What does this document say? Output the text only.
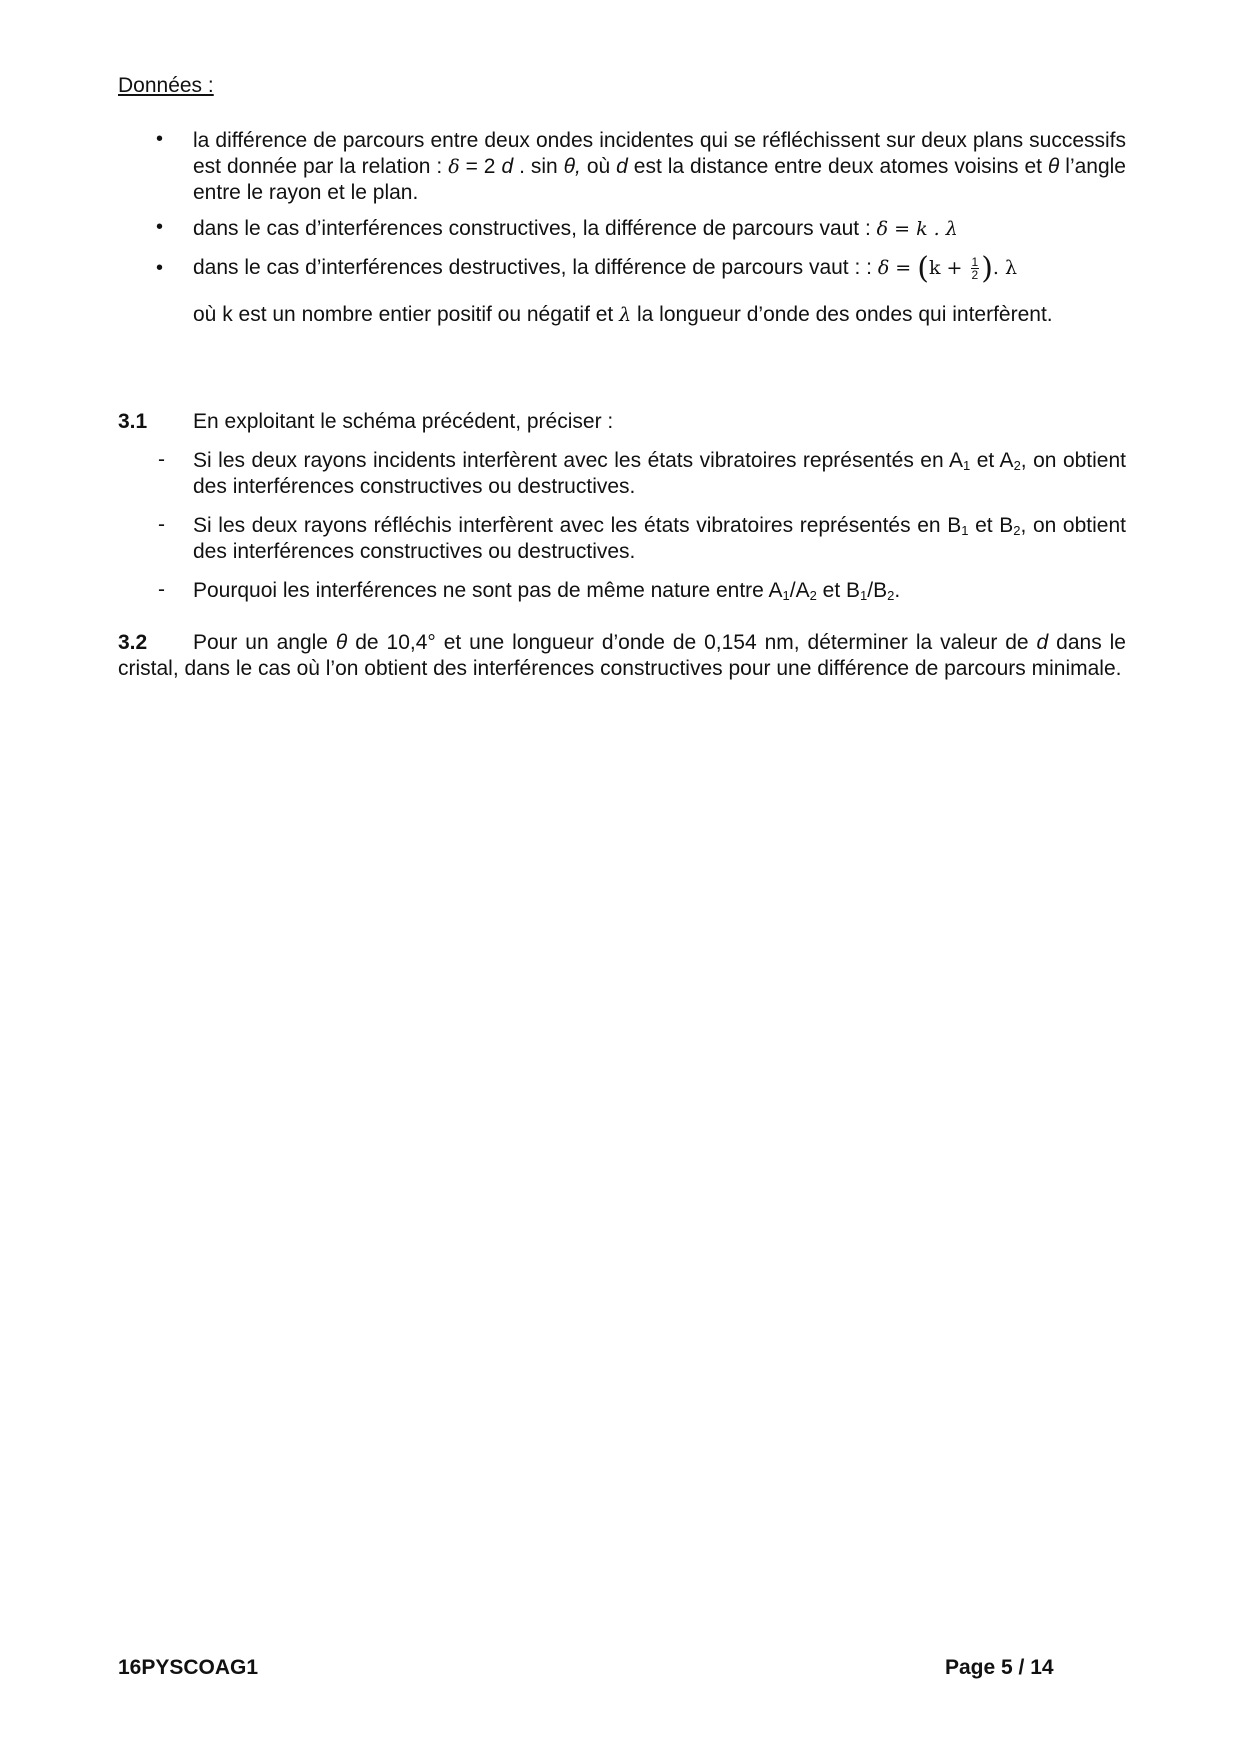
Données :
• la différence de parcours entre deux ondes incidentes qui se réfléchissent sur deux plans successifs est donnée par la relation : δ = 2 d . sin θ, où d est la distance entre deux atomes voisins et θ l’angle entre le rayon et le plan.
• dans le cas d’interférences constructives, la différence de parcours vaut : δ = k . λ
• dans le cas d’interférences destructives, la différence de parcours vaut : : $\delta = (k + \frac{1}{2}$ ). λ
où k est un nombre entier positif ou négatif et λ la longueur d’onde des ondes qui interfèrent.
3.1 En exploitant le schéma précédent, préciser :
- Si les deux rayons incidents interfèrent avec les états vibratoires représentés en $A_1$ et $A_2$, on obtient des interférences constructives ou destructives.
- Si les deux rayons réfléchis interfèrent avec les états vibratoires représentés en $B_1$ et $B_2$, on obtient des interférences constructives ou destructives.
- Pourquoi les interférences ne sont pas de même nature entre $A_1/A_2$ et $B_1/B_2$.
3.2 Pour un angle θ de 10,4° et une longueur d’onde de 0,154 nm, déterminer la valeur de d dans le cristal, dans le cas où l’on obtient des interférences constructives pour une différence de parcours minimale.
16PYSCOAG1	Page 5 / 14
